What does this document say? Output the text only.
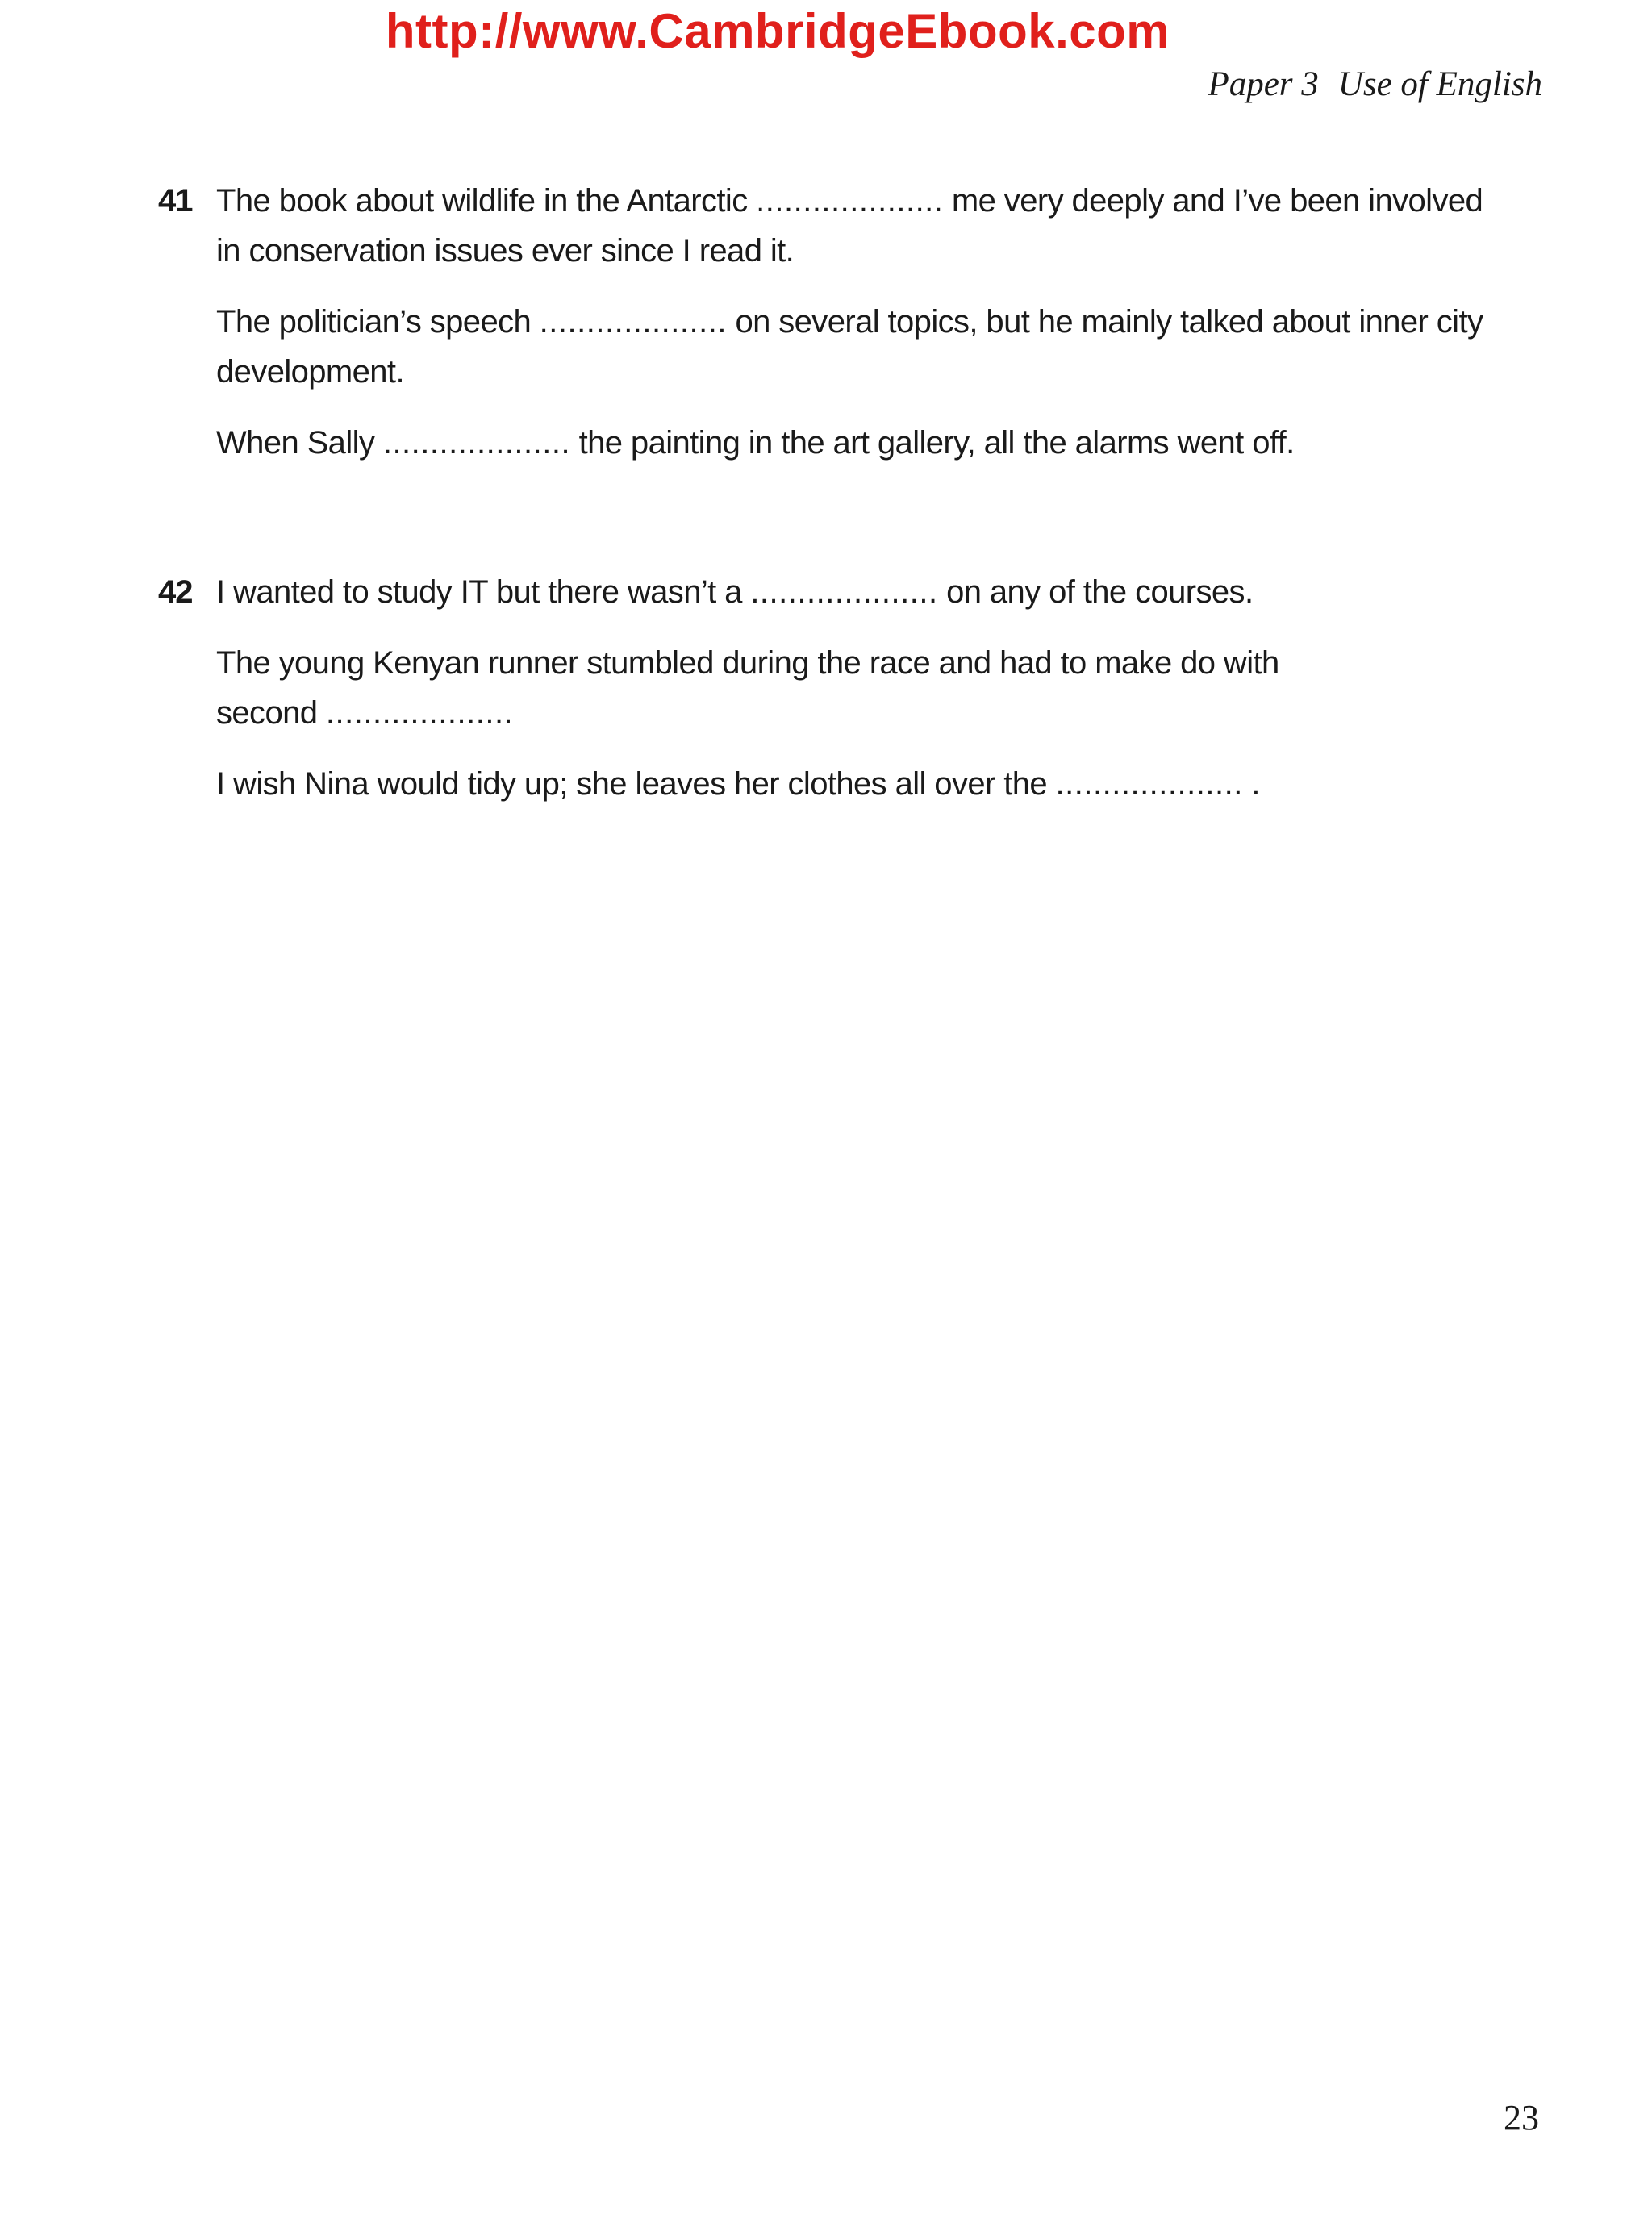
http://www.CambridgeEbook.com
Paper 3 Use of English
41 The book about wildlife in the Antarctic .................... me very deeply and I’ve been involved in conservation issues ever since I read it.

The politician’s speech .................... on several topics, but he mainly talked about inner city development.

When Sally .................... the painting in the art gallery, all the alarms went off.

42 I wanted to study IT but there wasn’t a .................... on any of the courses.

The young Kenyan runner stumbled during the race and had to make do with second ....................

I wish Nina would tidy up; she leaves her clothes all over the .................... .

23
